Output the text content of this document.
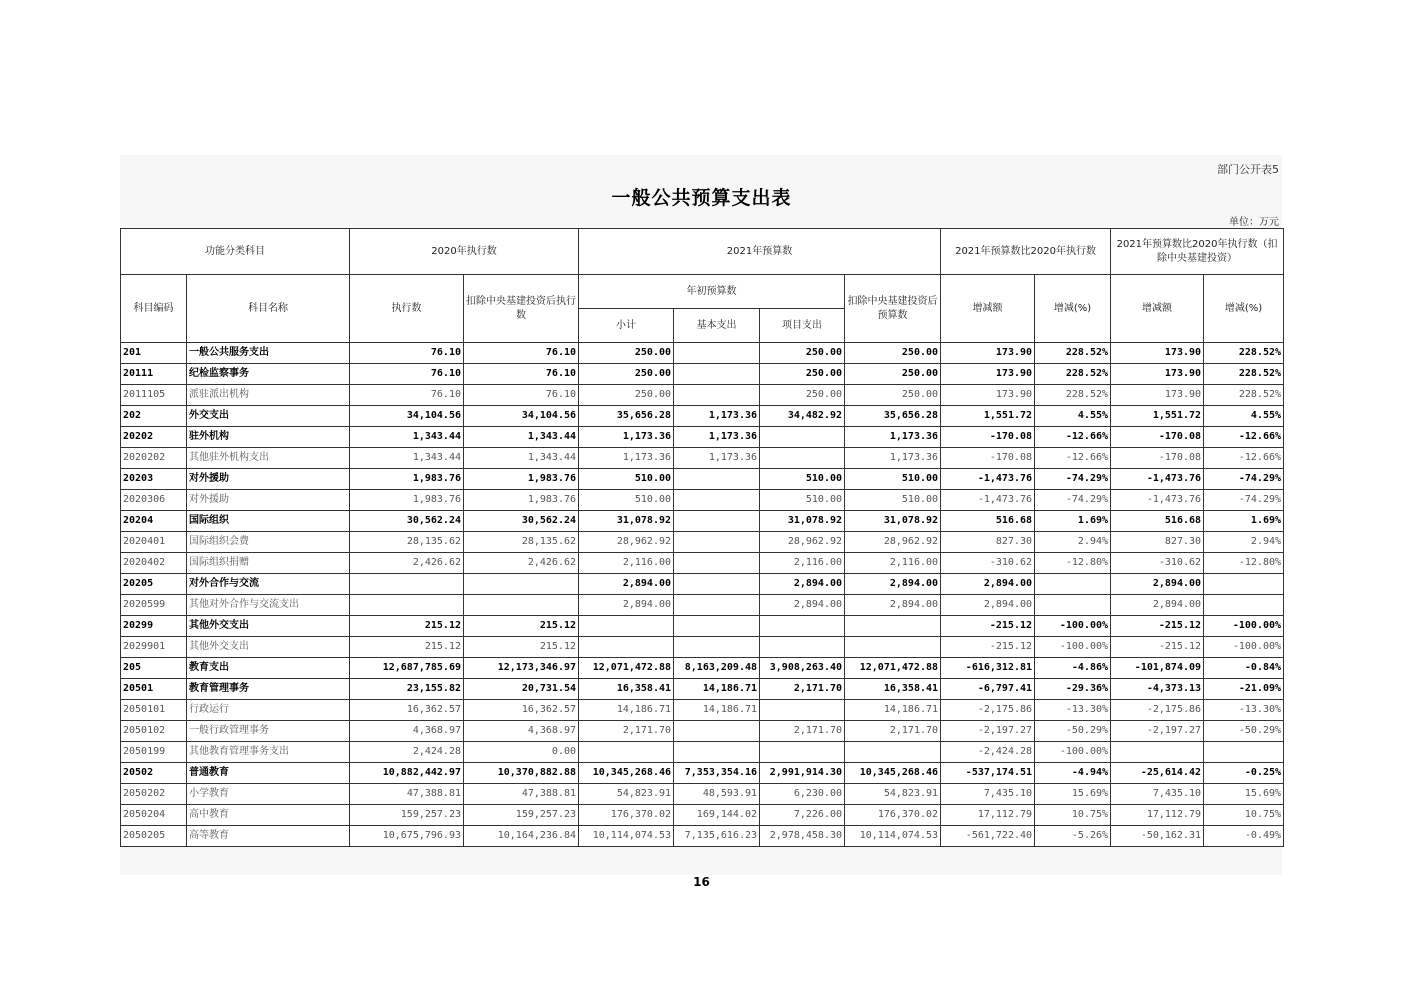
部门公开表5
一般公共预算支出表
单位：万元
功能分类科目		2020年执行数		2021年预算数				2021年预算数比2020年执行数		2021年预算数比2020年执行数（扣除中央基建投资）	
科目编码	科目名称	执行数	扣除中央基建投资后执行数	年初预算数			扣除中央基建投资后预算数	增减额	增减(%)	增减额	增减(%)
				小计	基本支出	项目支出					
201	一般公共服务支出	76.10	76.10	250.00		250.00	250.00	173.90	228.52%	173.90	228.52%
20111	纪检监察事务	76.10	76.10	250.00		250.00	250.00	173.90	228.52%	173.90	228.52%
2011105	派驻派出机构	76.10	76.10	250.00		250.00	250.00	173.90	228.52%	173.90	228.52%
202	外交支出	34,104.56	34,104.56	35,656.28	1,173.36	34,482.92	35,656.28	1,551.72	4.55%	1,551.72	4.55%
20202	驻外机构	1,343.44	1,343.44	1,173.36	1,173.36		1,173.36	-170.08	-12.66%	-170.08	-12.66%
2020202	其他驻外机构支出	1,343.44	1,343.44	1,173.36	1,173.36		1,173.36	-170.08	-12.66%	-170.08	-12.66%
20203	对外援助	1,983.76	1,983.76	510.00		510.00	510.00	-1,473.76	-74.29%	-1,473.76	-74.29%
2020306	对外援助	1,983.76	1,983.76	510.00		510.00	510.00	-1,473.76	-74.29%	-1,473.76	-74.29%
20204	国际组织	30,562.24	30,562.24	31,078.92		31,078.92	31,078.92	516.68	1.69%	516.68	1.69%
2020401	国际组织会费	28,135.62	28,135.62	28,962.92		28,962.92	28,962.92	827.30	2.94%	827.30	2.94%
2020402	国际组织捐赠	2,426.62	2,426.62	2,116.00		2,116.00	2,116.00	-310.62	-12.80%	-310.62	-12.80%
20205	对外合作与交流			2,894.00		2,894.00	2,894.00	2,894.00		2,894.00	
2020599	其他对外合作与交流支出			2,894.00		2,894.00	2,894.00	2,894.00		2,894.00	
20299	其他外交支出	215.12	215.12					-215.12	-100.00%	-215.12	-100.00%
2029901	其他外交支出	215.12	215.12					-215.12	-100.00%	-215.12	-100.00%
205	教育支出	12,687,785.69	12,173,346.97	12,071,472.88	8,163,209.48	3,908,263.40	12,071,472.88	-616,312.81	-4.86%	-101,874.09	-0.84%
20501	教育管理事务	23,155.82	20,731.54	16,358.41	14,186.71	2,171.70	16,358.41	-6,797.41	-29.36%	-4,373.13	-21.09%
2050101	行政运行	16,362.57	16,362.57	14,186.71	14,186.71		14,186.71	-2,175.86	-13.30%	-2,175.86	-13.30%
2050102	一般行政管理事务	4,368.97	4,368.97	2,171.70		2,171.70	2,171.70	-2,197.27	-50.29%	-2,197.27	-50.29%
2050199	其他教育管理事务支出	2,424.28	0.00					-2,424.28	-100.00%		
20502	普通教育	10,882,442.97	10,370,882.88	10,345,268.46	7,353,354.16	2,991,914.30	10,345,268.46	-537,174.51	-4.94%	-25,614.42	-0.25%
2050202	小学教育	47,388.81	47,388.81	54,823.91	48,593.91	6,230.00	54,823.91	7,435.10	15.69%	7,435.10	15.69%
2050204	高中教育	159,257.23	159,257.23	176,370.02	169,144.02	7,226.00	176,370.02	17,112.79	10.75%	17,112.79	10.75%
2050205	高等教育	10,675,796.93	10,164,236.84	10,114,074.53	7,135,616.23	2,978,458.30	10,114,074.53	-561,722.40	-5.26%	-50,162.31	-0.49%
16
